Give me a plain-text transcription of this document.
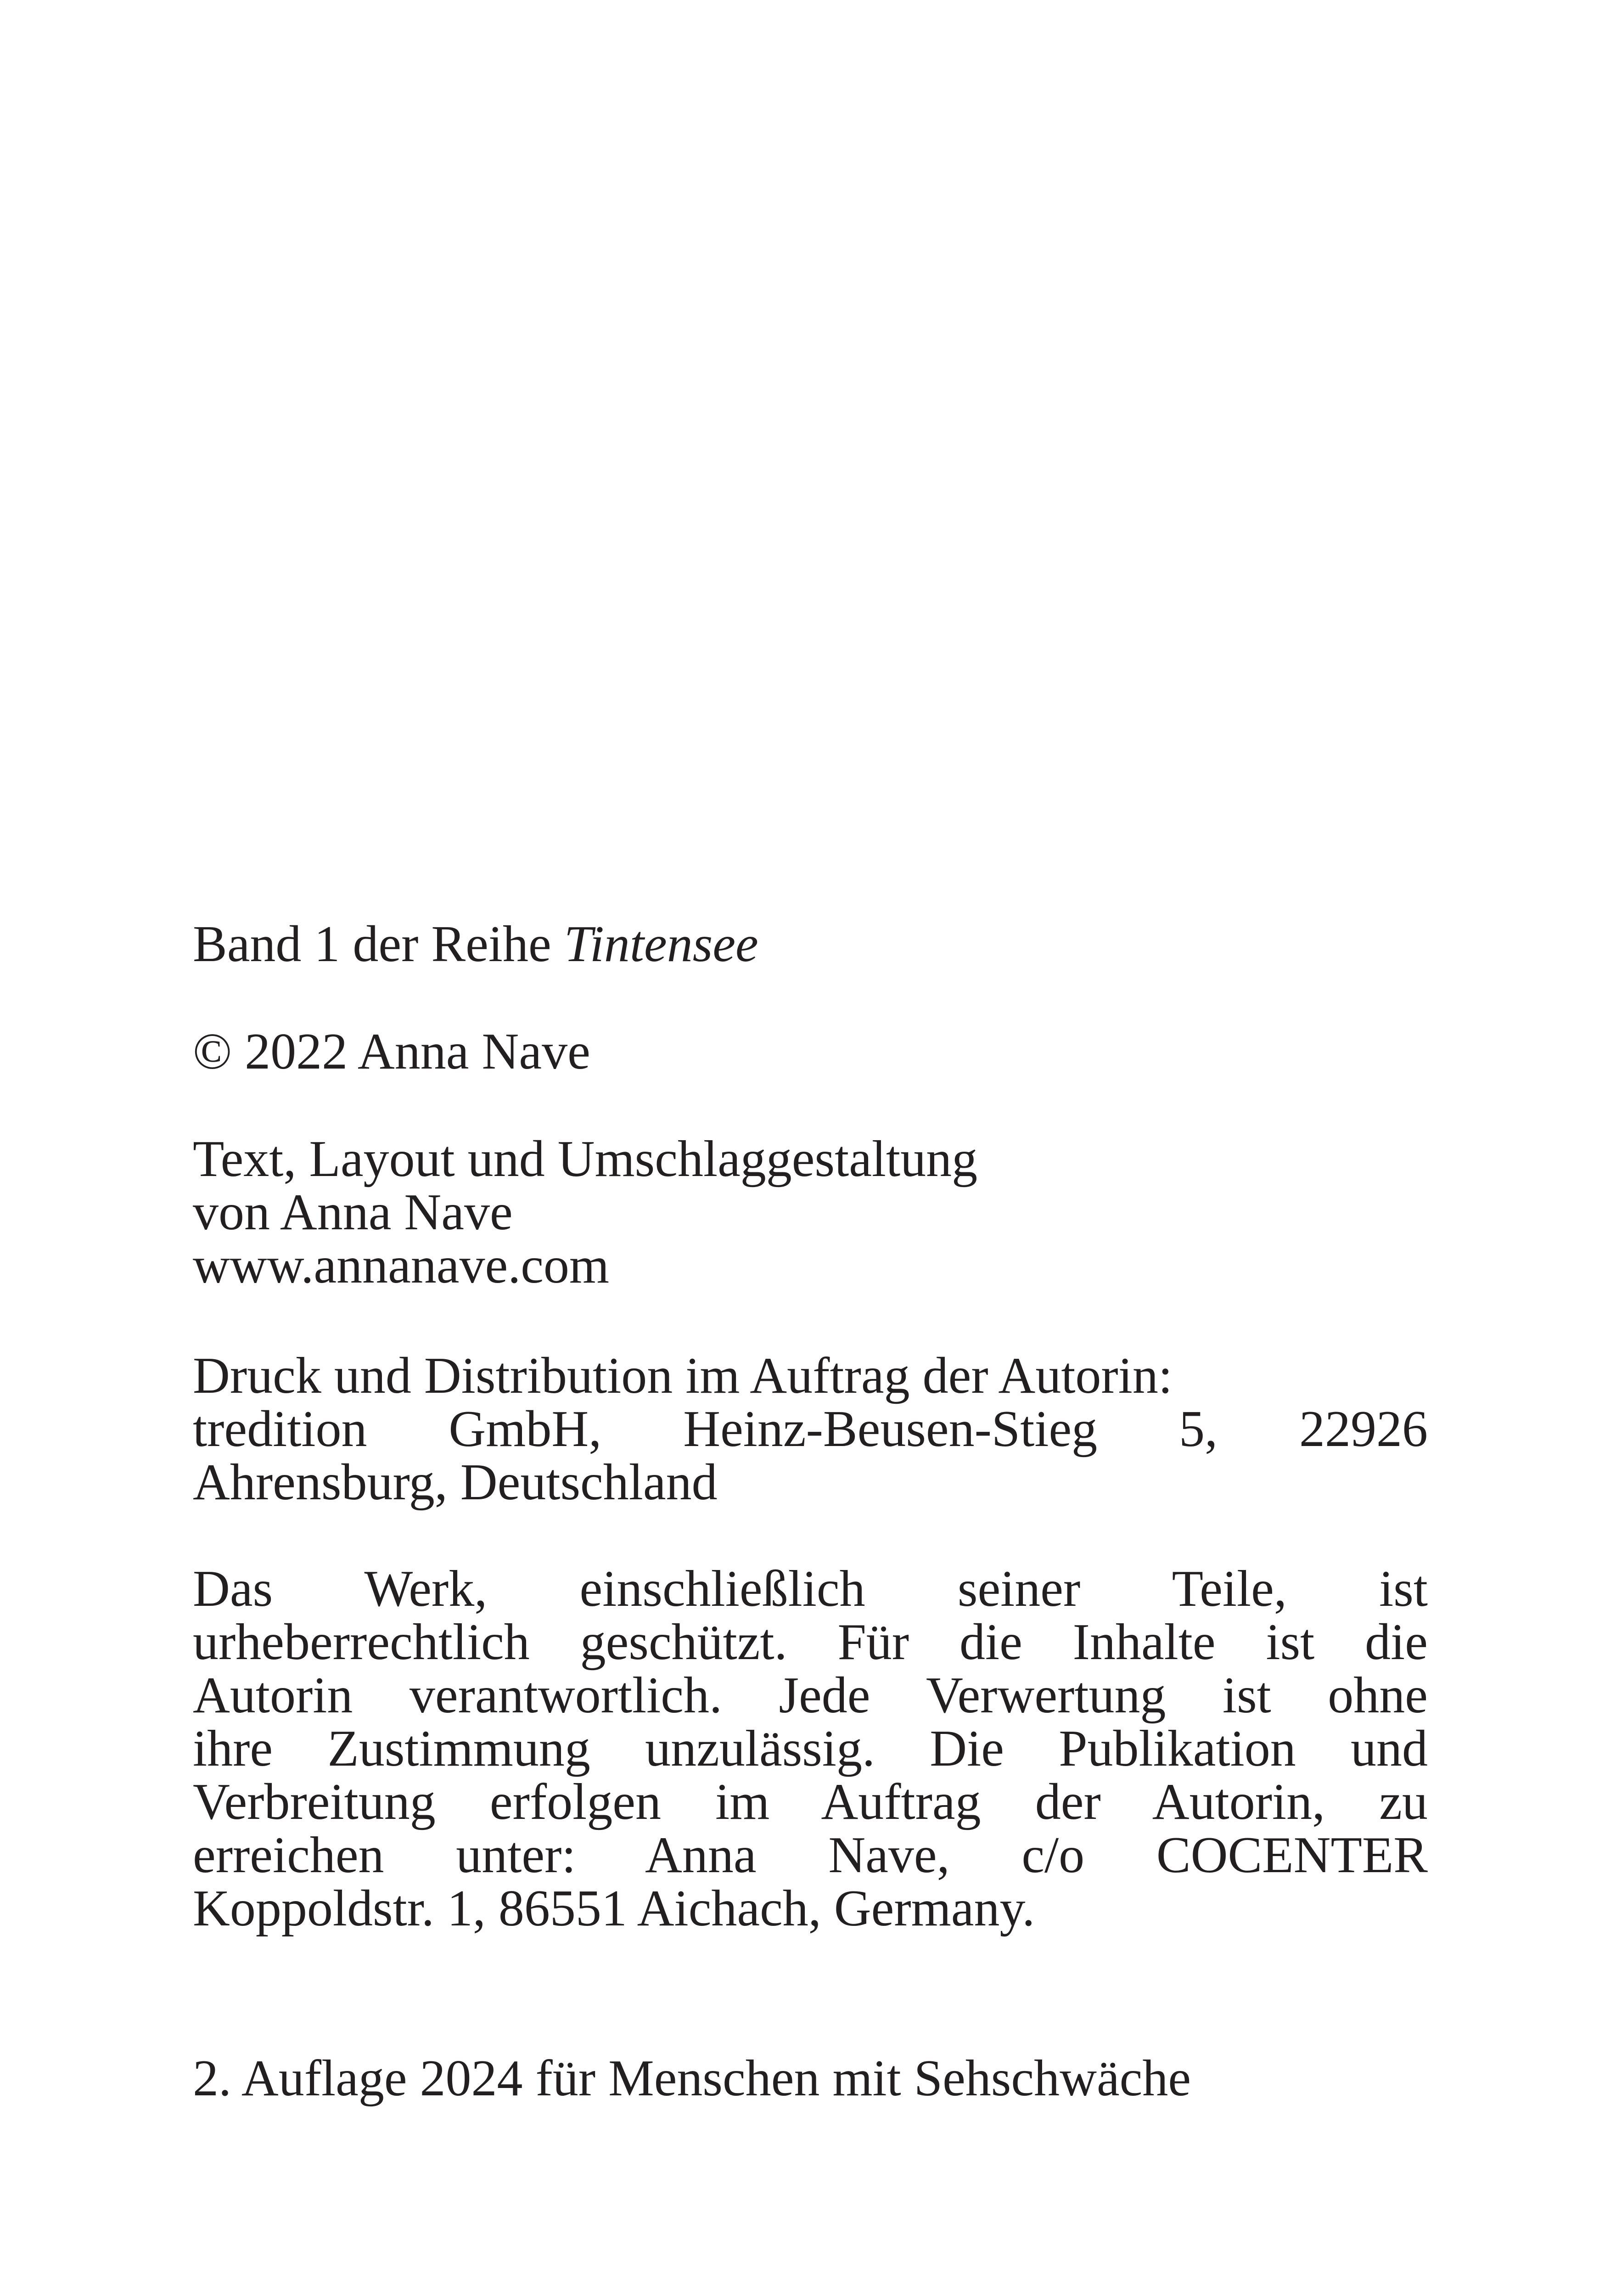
Band 1 der Reihe Tintensee

© 2022 Anna Nave

Text, Layout und Umschlaggestaltung

von Anna Nave

www.annanave.com

Druck und Distribution im Auftrag der Autorin:
tredition GmbH, Heinz-Beusen-Stieg 5, 22926
Ahrensburg, Deutschland
Das Werk, einschließlich seiner Teile, ist
urheberrechtlich geschützt. Für die Inhalte ist die
Autorin verantwortlich. Jede Verwertung ist ohne
ihre Zustimmung unzulässig. Die Publikation und
Verbreitung erfolgen im Auftrag der Autorin, zu
erreichen unter: Anna Nave, c/o COCENTER
Koppoldstr. 1, 86551 Aichach, Germany.

2. Auflage 2024 für Menschen mit Sehschwäche
